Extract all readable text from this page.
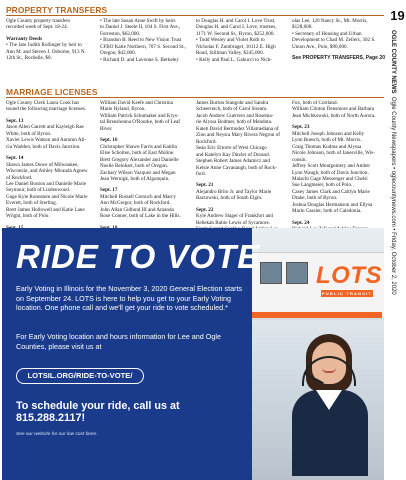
19
OGLE COUNTY NEWS  Ogle County Newspapers • oglecountynews.com • Friday, October 2, 2020
PROPERTY TRANSFERS

Ogle County property transfers

recorded week of Sept. 18-24.

Warranty Deeds

• The Jate Judith Rollinger by heir to

Ann M. and Steven J. Osborne, 913 N.

12th St., Rochelle, $0.

• The late Susan Anne Swift by heirs

to Daniel J. Steele II, 104 S. First Ave.,

Forreston, $62,000.

• Brandon B. Reed to New Vision Trust

CFBO Katie Northern, 707 S. Second St.,

Oregon, $42,000.

• Richard D. and Lavonne S. Berkeley

to Douglas H. and Carol I. Love Trust,

Douglas H. and Carol I. Love, trustees,

1171 W. Second St., Byron, $252,000.

• Todd Wesley and Violet Roth to

Nicholas F. Zumbragel, 10112 E. High

Road, Stillman Valley, $245,000.

• Kelly and Paul L. Gabucci to Nich-

olas Lee, 120 Nancy St., Mt. Morris,

$128,600.

• Secretary of Housing and Urban

Development to Chad M. Zellers, 302 S.

Union Ave., Polo, $90,000.

See PROPERTY TRANSFERS, Page 20

MARRIAGE LICENSES

Ogle County Clerk Laura Cook has

issued the following marriage licenses.

Sept. 13

Jason Allen Garrett and Kayleigh Rae

White, both of Byron.

Xavier Lewis Watson and Autumn Ali-

cia Wadden, both of Davis Junction.

Sept. 14

Shawn James Duwe of Milwaukee,

Wisconsin, and Ashley Miranda Agnew

of Rockford.

Lee Daniel Bouton and Danielle Marie

Seymour, both of Lindenwood.

Gage Kyle Ronnstein and Nicole Marie

Everett, both of Sterling.

Brett James Hollowell and Katie Lane

Wright, both of Polo.

William David Keefe and Christina

Marie Hyland, Byron.

William Patrick Schumaker and Krys-

tal Brenshonna O'Rourke, both of Leaf

River.

Sept. 16

Christopher Shawn Farris and Kaitlin

Elise Scholten, both of East Moline.

Brett Gregory Alexander and Danielle

Noelle Reinhart, both of Oregon.

Zachary Wilson Vazquez and Megan

Jean Wernigk, both of Algonquin.

Sept. 17

Mitchell Russell Gorsuch and Marcy

Ann McGregor, both of Rockford.

John Allan Gidlund III and Amanda

Rose Conner, both of Lake in the Hills.

James Burton Stangohr and Sandra

Scheerreich, both of Carol Stream.

Jacob Andrew Guerrero and Rosema-

rie Alyssa Bodmer, both of Mendota.

Kaleb David Bermudez Villamediana of

Zion and Neysra Mary Rivera Negron of

Rockford.

Sean Eric Ettorre of West Chicago

and Katelyn Kay Ditzler of Durand.

Stephen Robert James Adamicz and

Kelsie Anne Cavanaugh, both of Rock-

ford.

Sept. 21

Alejandro Brito Jr. and Taylor Marie

Barzowski, both of South Elgin.

Sept. 22

Kyle Andrew Slager of Frankfort and

Rebekah Rubie Lewis of Sycamore.

Fox, both of Cortland.

William Clinton Densmore and Barbara

Jean Michkowski, both of North Aurora.

Sept. 23

Mitchell Joseph Johnson and Kelly

Lynn Buesch, both of Mt. Morris.

Craig Thomas Kudma and Alyssa

Nicole Johnson, both of Janesville, Wis-

consin.

Jeffrey Scott Montgomery and Amber

Lynn Waugh, both of Davis Junction.

Malachi Gage Messenger and Chelsi

Sue Langmeier, both of Polo.

Casey James Clark and Caitlyn Marie

Drake, both of Byron.

Joshua Douglas Hermanson and Ellysa

Marin Cassier, both of Caledonia.

Sept. 24

LOTS
PUBLIC TRANSIT
RIDE TO VOTE
Early Voting in Illinois for the November 3, 2020 General Election starts on September 24. LOTS is here to help you get to your Early Voting location. One phone call and we'll get your ride to vote scheduled.*
For Early Voting location and hours information for Lee and Ogle Counties, please visit us at
LOTSIL.ORG/RIDE-TO-VOTE/
To schedule your ride, call us at 815.288.2117!
See our website for our low cost fares.
